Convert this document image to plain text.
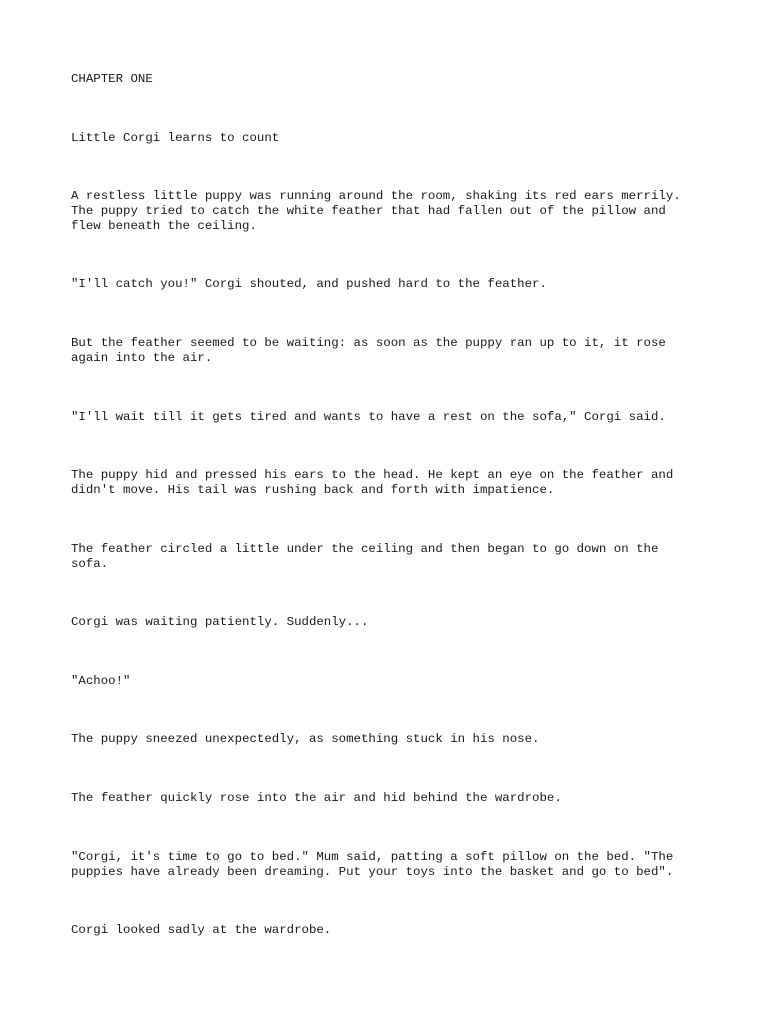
CHAPTER ONE

Little Corgi learns to count

A restless little puppy was running around the room, shaking its red ears merrily.
The puppy tried to catch the white feather that had fallen out of the pillow and
flew beneath the ceiling.

"I'll catch you!" Corgi shouted, and pushed hard to the feather.

But the feather seemed to be waiting: as soon as the puppy ran up to it, it rose
again into the air.

"I'll wait till it gets tired and wants to have a rest on the sofa," Corgi said.

The puppy hid and pressed his ears to the head. He kept an eye on the feather and
didn't move. His tail was rushing back and forth with impatience.

The feather circled a little under the ceiling and then began to go down on the
sofa.

Corgi was waiting patiently. Suddenly...

"Achoo!"

The puppy sneezed unexpectedly, as something stuck in his nose.

The feather quickly rose into the air and hid behind the wardrobe.

"Corgi, it's time to go to bed." Mum said, patting a soft pillow on the bed. "The
puppies have already been dreaming. Put your toys into the basket and go to bed".

Corgi looked sadly at the wardrobe.
